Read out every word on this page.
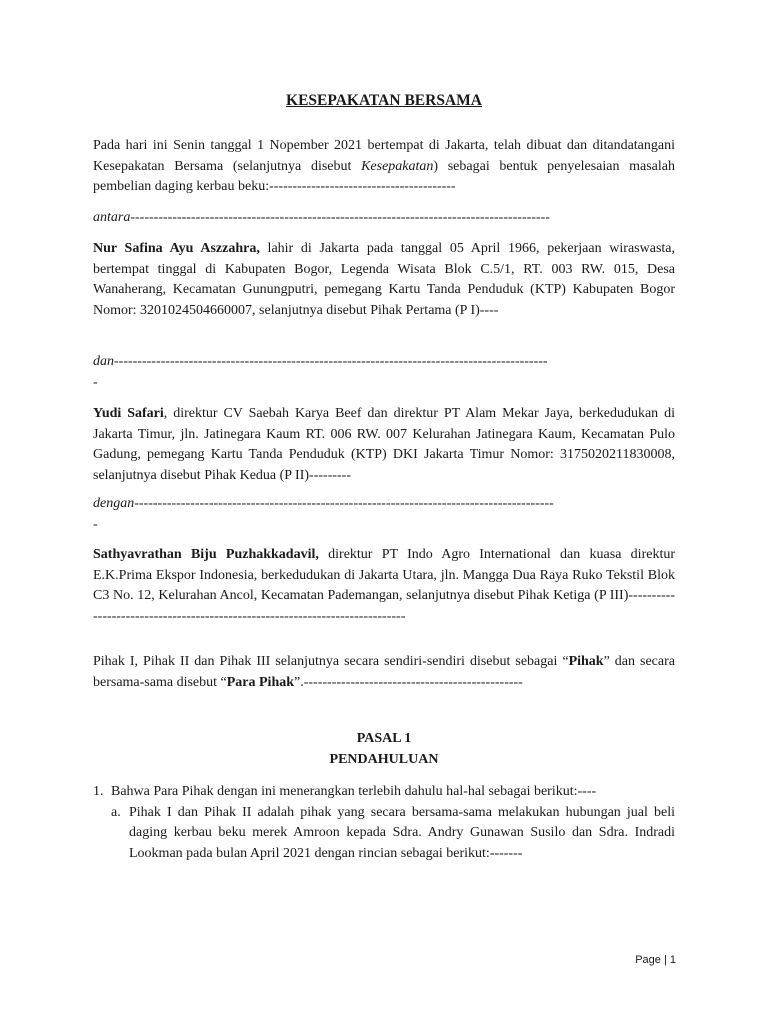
KESEPAKATAN BERSAMA

Pada hari ini Senin tanggal 1 Nopember 2021 bertempat di Jakarta, telah dibuat dan ditandatangani Kesepakatan Bersama (selanjutnya disebut Kesepakatan) sebagai bentuk penyelesaian masalah pembelian daging kerbau beku:----------------------------------------

antara------------------------------------------------------------------------------------------

Nur Safina Ayu Aszzahra, lahir di Jakarta pada tanggal 05 April 1966, pekerjaan wiraswasta, bertempat tinggal di Kabupaten Bogor, Legenda Wisata Blok C.5/1, RT. 003 RW. 015, Desa Wanaherang, Kecamatan Gunungputri, pemegang Kartu Tanda Penduduk (KTP) Kabupaten Bogor Nomor: 3201024504660007, selanjutnya disebut Pihak Pertama (P I)----

dan---------------------------------------------------------------------------------------------
-

Yudi Safari, direktur CV Saebah Karya Beef dan direktur PT Alam Mekar Jaya, berkedudukan di Jakarta Timur, jln. Jatinegara Kaum RT. 006 RW. 007 Kelurahan Jatinegara Kaum, Kecamatan Pulo Gadung, pemegang Kartu Tanda Penduduk (KTP) DKI Jakarta Timur Nomor: 3175020211830008, selanjutnya disebut Pihak Kedua (P II)---------

dengan------------------------------------------------------------------------------------------
-

Sathyavrathan Biju Puzhakkadavil, direktur PT Indo Agro International dan kuasa direktur E.K.Prima Ekspor Indonesia, berkedudukan di Jakarta Utara, jln. Mangga Dua Raya Ruko Tekstil Blok C3 No. 12, Kelurahan Ancol, Kecamatan Pademangan, selanjutnya disebut Pihak Ketiga (P III)-----------------------------------------------------------------------------

Pihak I, Pihak II dan Pihak III selanjutnya secara sendiri-sendiri disebut sebagai “Pihak” dan secara bersama-sama disebut “Para Pihak”.-----------------------------------------------

PASAL 1
PENDAHULUAN
1. Bahwa Para Pihak dengan ini menerangkan terlebih dahulu hal-hal sebagai berikut:----

a. Pihak I dan Pihak II adalah pihak yang secara bersama-sama melakukan hubungan jual beli daging kerbau beku merek Amroon kepada Sdra. Andry Gunawan Susilo dan Sdra. Indradi Lookman pada bulan April 2021 dengan rincian sebagai berikut:-------

Page | 1
